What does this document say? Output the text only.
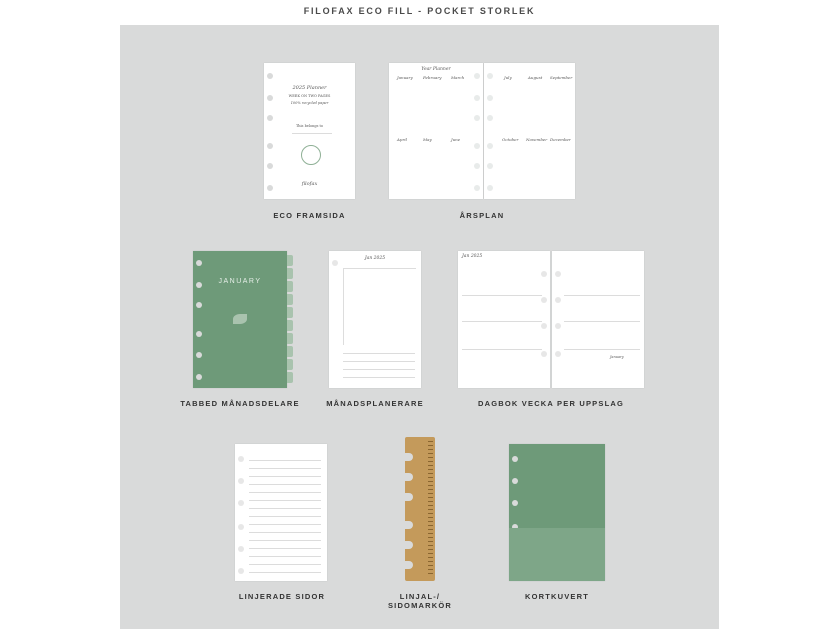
FILOFAX ECO FILL - POCKET STORLEK
2025 Planner
WEEK ON TWO PAGES
100% recycled paper
This belongs to
filofax
ECO FRAMSIDA
Year Planner
January	February March
April	May	June
July	August September
October November December
ÅRSPLAN
JANUARY
TABBED MÅNADSDELARE
Jan 2025
MÅNADSPLANERARE
Jan 2025
January
DAGBOK VECKA PER UPPSLAG
LINJERADE SIDOR	LINJAL-/ SIDOMARKÖR
KORTKUVERT
